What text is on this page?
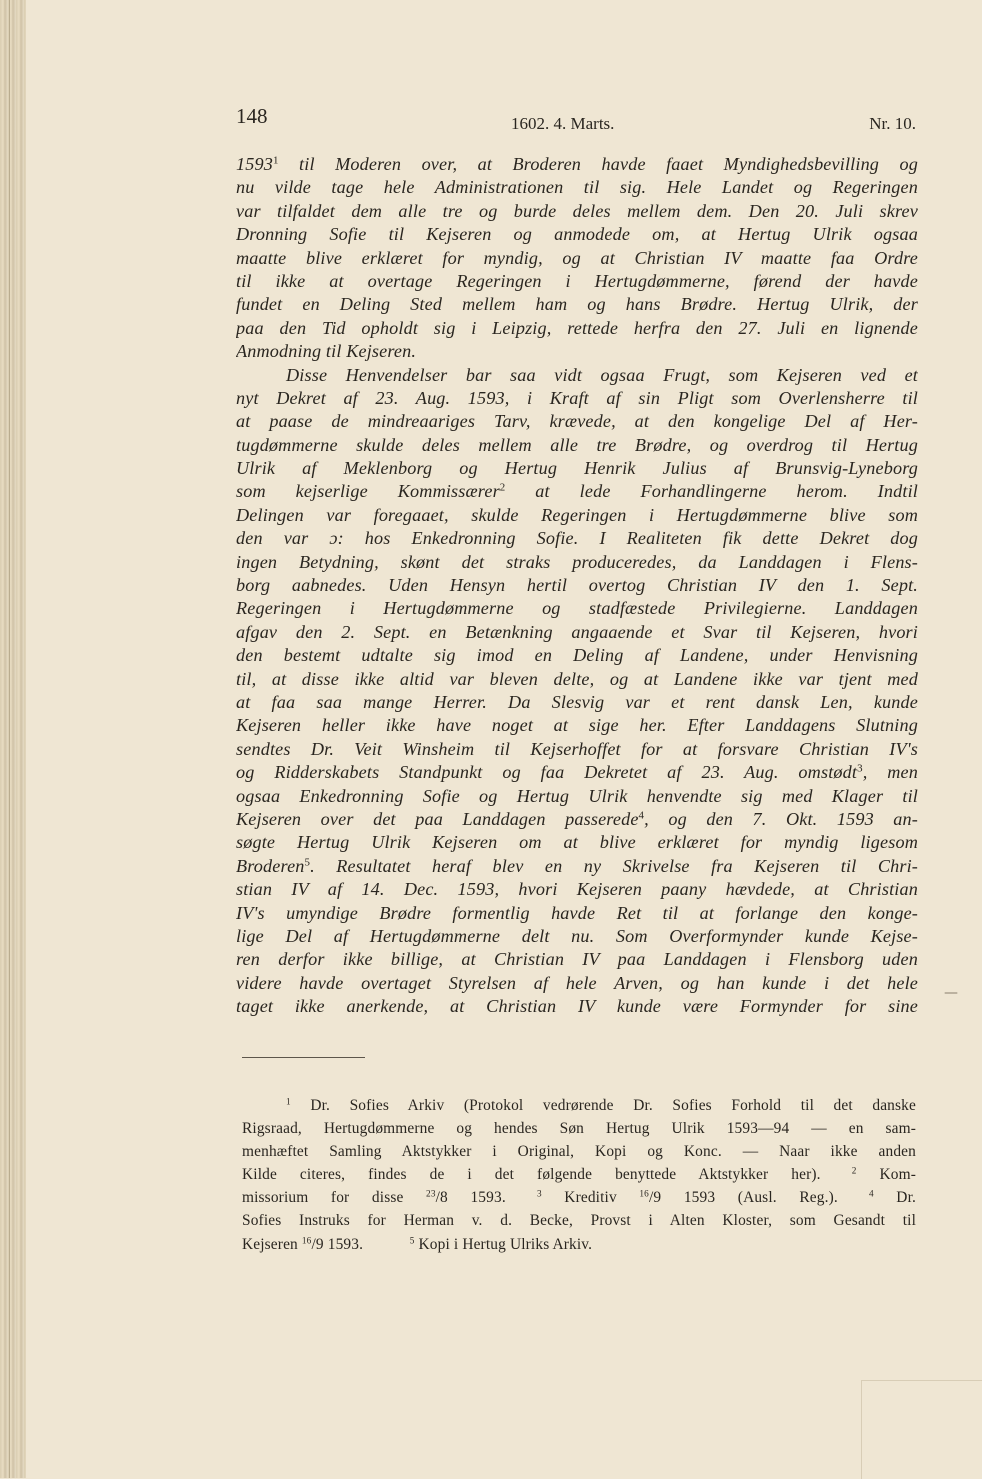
148	1602. 4. Marts.	Nr. 10.
1593$^1$ til Moderen over, at Broderen havde faaet Myndighedsbevilling og
nu vilde tage hele Administrationen til sig. Hele Landet og Regeringen
var tilfaldet dem alle tre og burde deles mellem dem. Den 20. Juli skrev
Dronning Sofie til Kejseren og anmodede om, at Hertug Ulrik ogsaa
maatte blive erklæret for myndig, og at Christian IV maatte faa Ordre
til ikke at overtage Regeringen i Hertugdømmerne, førend der havde
fundet en Deling Sted mellem ham og hans Brødre. Hertug Ulrik, der
paa den Tid opholdt sig i Leipzig, rettede herfra den 27. Juli en lignende
Anmodning til Kejseren.
Disse Henvendelser bar saa vidt ogsaa Frugt, som Kejseren ved et
nyt Dekret af 23. Aug. 1593, i Kraft af sin Pligt som Overlensherre til
at paase de mindreaariges Tarv, krævede, at den kongelige Del af Her-
tugdømmerne skulde deles mellem alle tre Brødre, og overdrog til Hertug
Ulrik af Meklenborg og Hertug Henrik Julius af Brunsvig-Lyneborg
som kejserlige Kommissærer$^2$ at lede Forhandlingerne herom. Indtil
Delingen var foregaaet, skulde Regeringen i Hertugdømmerne blive som
den var ɔ: hos Enkedronning Sofie. I Realiteten fik dette Dekret dog
ingen Betydning, skønt det straks produceredes, da Landdagen i Flens-
borg aabnedes. Uden Hensyn hertil overtog Christian IV den 1. Sept.
Regeringen i Hertugdømmerne og stadfæstede Privilegierne. Landdagen
afgav den 2. Sept. en Betænkning angaaende et Svar til Kejseren, hvori
den bestemt udtalte sig imod en Deling af Landene, under Henvisning
til, at disse ikke altid var bleven delte, og at Landene ikke var tjent med
at faa saa mange Herrer. Da Slesvig var et rent dansk Len, kunde
Kejseren heller ikke have noget at sige her. Efter Landdagens Slutning
sendtes Dr. Veit Winsheim til Kejserhoffet for at forsvare Christian IV's
og Ridderskabets Standpunkt og faa Dekretet af 23. Aug. omstødt$^3$, men
ogsaa Enkedronning Sofie og Hertug Ulrik henvendte sig med Klager til
Kejseren over det paa Landdagen passerede$^4$, og den 7. Okt. 1593 an-
søgte Hertug Ulrik Kejseren om at blive erklæret for myndig ligesom
Broderen$^5$. Resultatet heraf blev en ny Skrivelse fra Kejseren til Chri-
stian IV af 14. Dec. 1593, hvori Kejseren paany hævdede, at Christian
IV's umyndige Brødre formentlig havde Ret til at forlange den konge-
lige Del af Hertugdømmerne delt nu. Som Overformynder kunde Kejse-
ren derfor ikke billige, at Christian IV paa Landdagen i Flensborg uden
videre havde overtaget Styrelsen af hele Arven, og han kunde i det hele
taget ikke anerkende, at Christian IV kunde være Formynder for sine
—
$^1$ Dr. Sofies Arkiv (Protokol vedrørende Dr. Sofies Forhold til det danske
Rigsraad, Hertugdømmerne og hendes Søn Hertug Ulrik 1593—94 — en sam-
menhæftet Samling Aktstykker i Original, Kopi og Konc. — Naar ikke anden
Kilde citeres, findes de i det følgende benyttede Aktstykker her).  	$^2$ Kom-
missorium for disse $^{23}$/8 1593.  	$^3$ Kreditiv $^{16}$/9 1593 (Ausl. Reg.).  	$^4$ Dr.
Sofies Instruks for Herman v. d. Becke, Provst i Alten Kloster, som Gesandt til
Kejseren $^{16}$/9 1593.   	$^5$ Kopi i Hertug Ulriks Arkiv.
